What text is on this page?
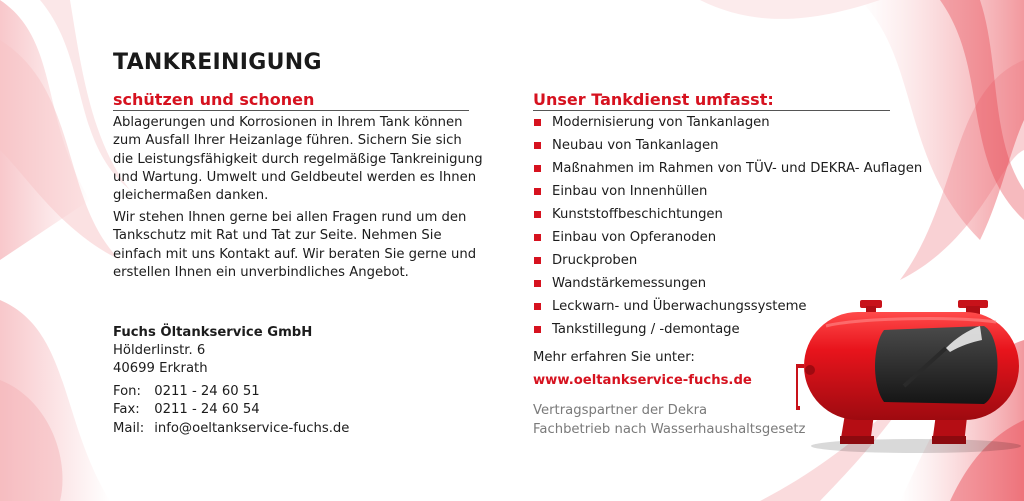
TANKREINIGUNG
schützen und schonen

Ablagerungen und Korrosionen in Ihrem Tank können zum Ausfall Ihrer Heizanlage führen. Sichern Sie sich die Leistungsfähigkeit durch regelmäßige Tankreinigung und Wartung. Umwelt und Geldbeutel werden es Ihnen gleichermaßen danken.

Wir stehen Ihnen gerne bei allen Fragen rund um den Tankschutz mit Rat und Tat zur Seite. Nehmen Sie einfach mit uns Kontakt auf. Wir beraten Sie gerne und erstellen Ihnen ein unverbindliches Angebot.

Fuchs Öltankservice GmbH
Hölderlinstr. 6
40699 Erkrath
Fon: 0211 - 24 60 51
Fax: 0211 - 24 60 54
Mail: info@oeltankservice-fuchs.de
Unser Tankdienst umfasst:
Modernisierung von Tankanlagen
Neubau von Tankanlagen
Maßnahmen im Rahmen von TÜV- und DEKRA- Auflagen
Einbau von Innenhüllen
Kunststoffbeschichtungen
Einbau von Opferanoden
Druckproben
Wandstärkemessungen
Leckwarn- und Überwachungssysteme
Tankstillegung / -demontage
Mehr erfahren Sie unter:
www.oeltankservice-fuchs.de
Vertragspartner der Dekra
Fachbetrieb nach Wasserhaushaltsgesetz
